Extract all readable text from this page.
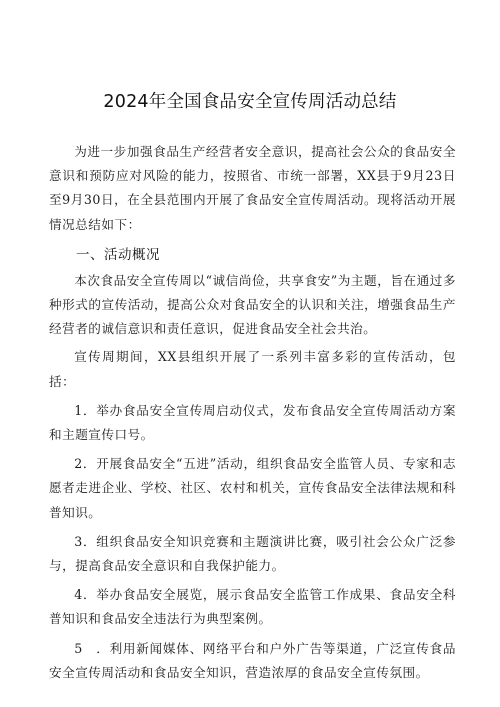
2024年全国食品安全宣传周活动总结

为进一步加强食品生产经营者安全意识，提高社会公众的食品安全意识和预防应对风险的能力，按照省、市统一部署，XX县于9月23日至9月30日，在全县范围内开展了食品安全宣传周活动。现将活动开展情况总结如下：

一、活动概况

本次食品安全宣传周以“诚信尚俭，共享食安”为主题，旨在通过多种形式的宣传活动，提高公众对食品安全的认识和关注，增强食品生产经营者的诚信意识和责任意识，促进食品安全社会共治。

宣传周期间，XX县组织开展了一系列丰富多彩的宣传活动，包括：

1．举办食品安全宣传周启动仪式，发布食品安全宣传周活动方案和主题宣传口号。

2．开展食品安全“五进”活动，组织食品安全监管人员、专家和志愿者走进企业、学校、社区、农村和机关，宣传食品安全法律法规和科普知识。

3．组织食品安全知识竞赛和主题演讲比赛，吸引社会公众广泛参与，提高食品安全意识和自我保护能力。

4．举办食品安全展览，展示食品安全监管工作成果、食品安全科普知识和食品安全违法行为典型案例。

5　．利用新闻媒体、网络平台和户外广告等渠道，广泛宣传食品安全宣传周活动和食品安全知识，营造浓厚的食品安全宣传氛围。
